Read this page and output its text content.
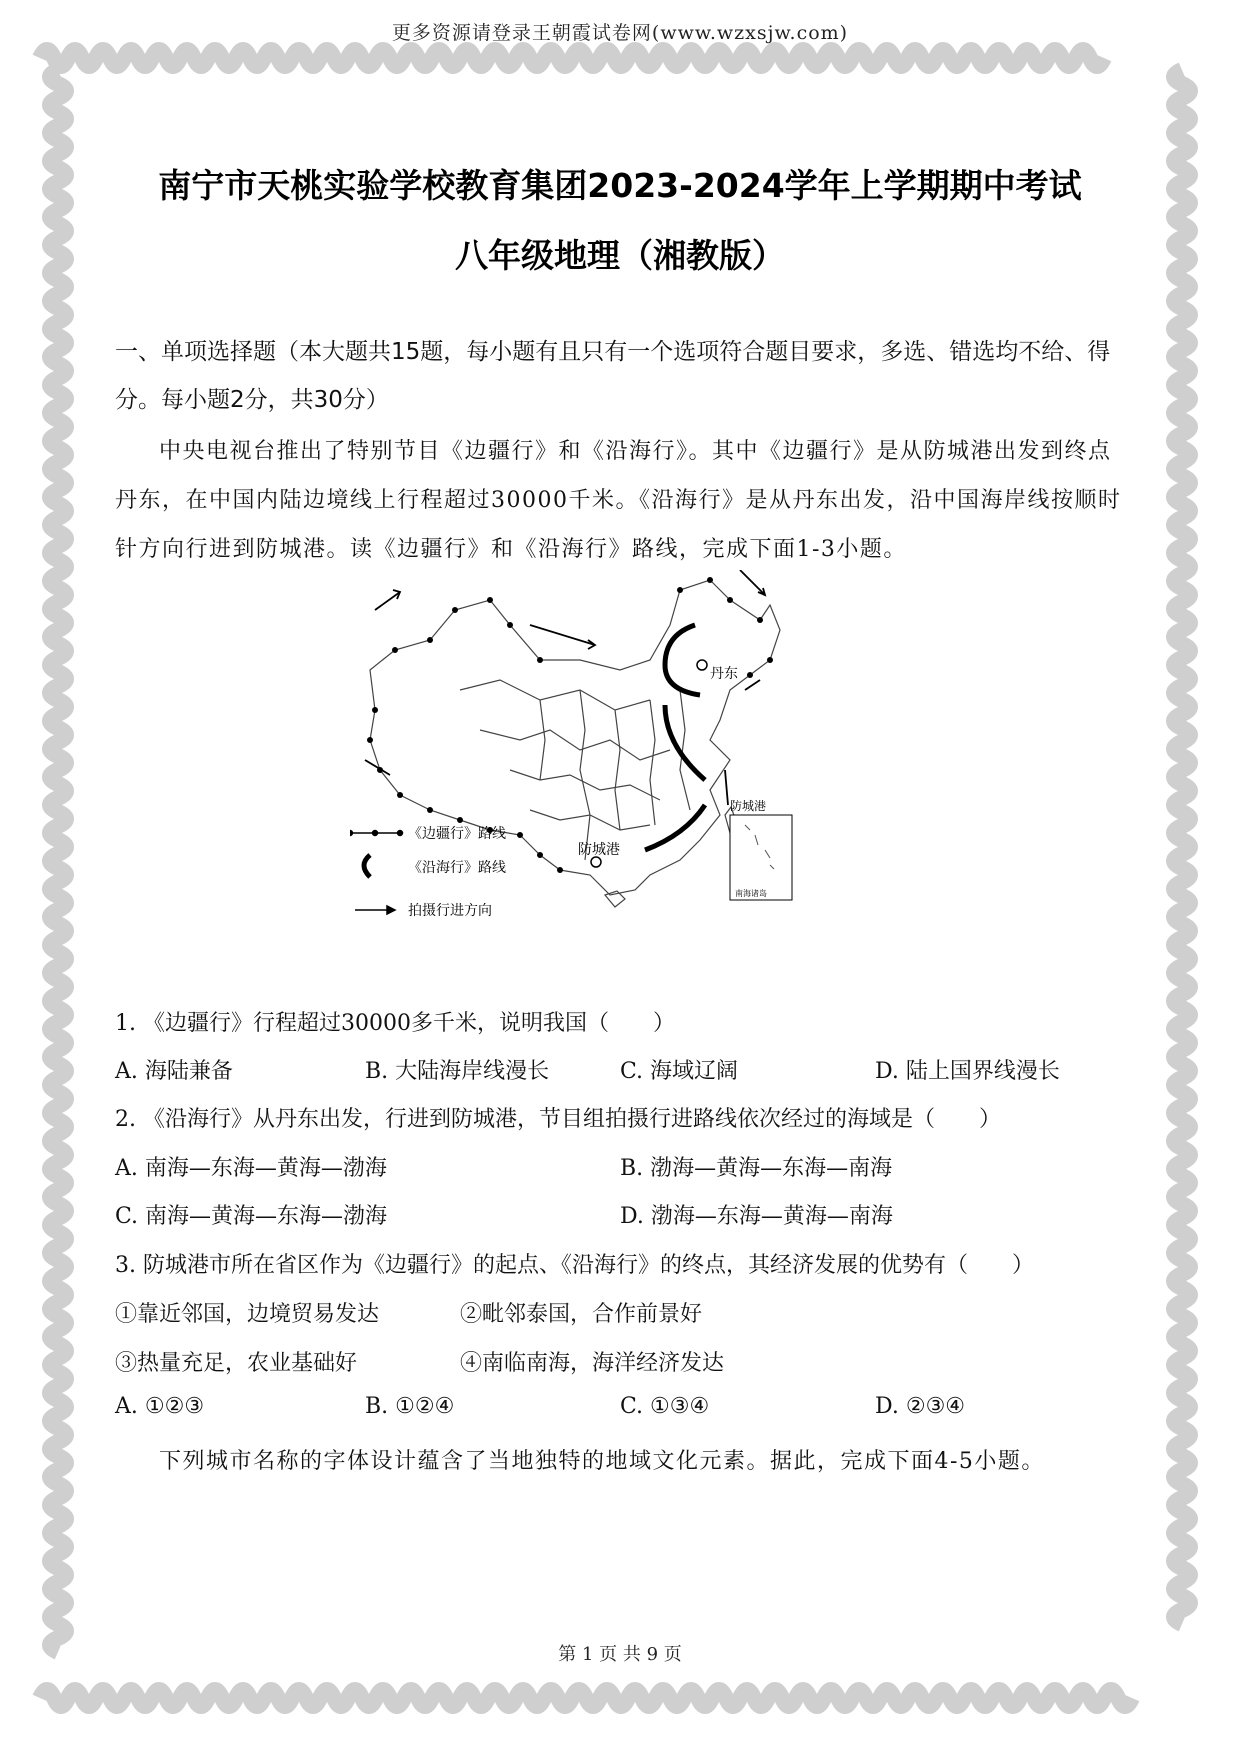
更多资源请登录王朝霞试卷网(www.wzxsjw.com)
南宁市天桃实验学校教育集团2023-2024学年上学期期中考试
八年级地理（湘教版）
一、单项选择题（本大题共15题，每小题有且只有一个选项符合题目要求，多选、错选均不给、得分。每小题2分，共30分）
中央电视台推出了特别节目《边疆行》和《沿海行》。其中《边疆行》是从防城港出发到终点丹东，在中国内陆边境线上行程超过30000千米。《沿海行》是从丹东出发，沿中国海岸线按顺时针方向行进到防城港。读《边疆行》和《沿海行》路线，完成下面1-3小题。
丹东
防城港
防城港
南海诸岛
《边疆行》路线
《沿海行》路线
拍摄行进方向
1. 《边疆行》行程超过30000多千米，说明我国（　　）
A. 海陆兼备	B. 大陆海岸线漫长	C. 海域辽阔	D. 陆上国界线漫长
2. 《沿海行》从丹东出发，行进到防城港，节目组拍摄行进路线依次经过的海域是（　　）
A. 南海—东海—黄海—渤海	B. 渤海—黄海—东海—南海
C. 南海—黄海—东海—渤海	D. 渤海—东海—黄海—南海
3. 防城港市所在省区作为《边疆行》的起点、《沿海行》的终点，其经济发展的优势有（　　）
①靠近邻国，边境贸易发达	②毗邻泰国，合作前景好
③热量充足，农业基础好	④南临南海，海洋经济发达
A. ①②③	B. ①②④	C. ①③④	D. ②③④
下列城市名称的字体设计蕴含了当地独特的地域文化元素。据此，完成下面4-5小题。
第 1 页 共 9 页
